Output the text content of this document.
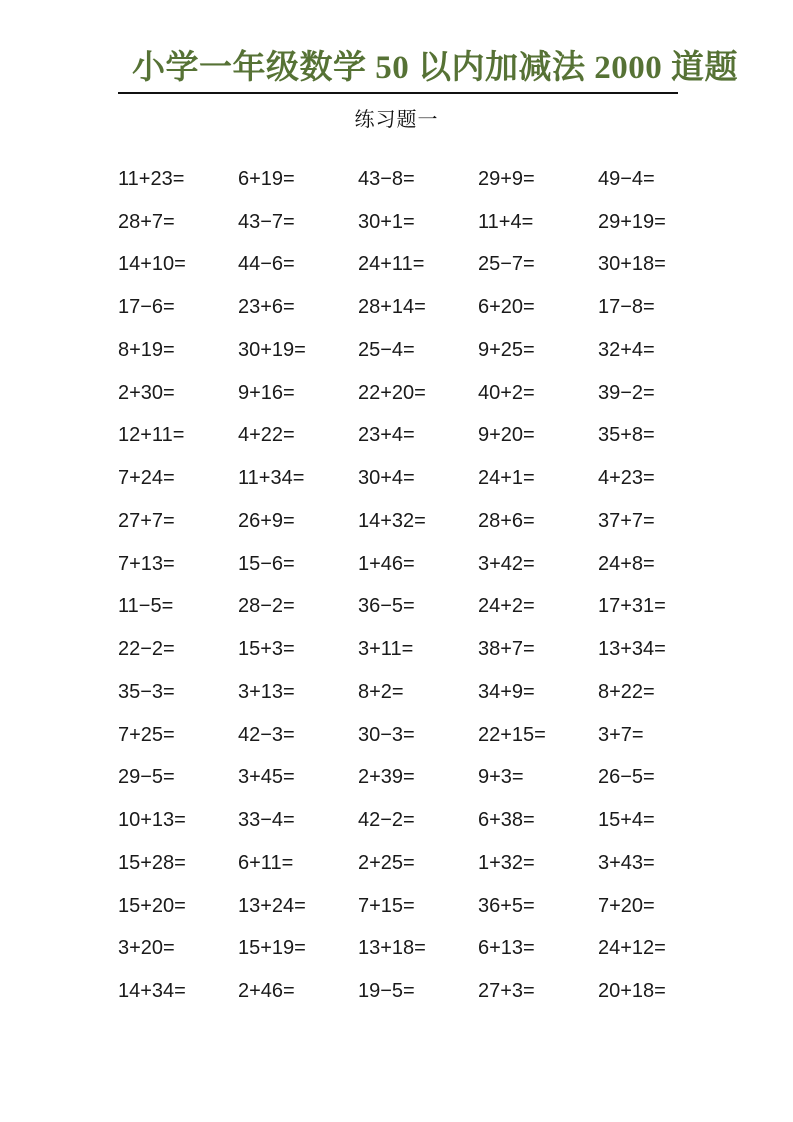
小学一年级数学 50 以内加减法 2000 道题
练习题一
11+23=	6+19=	43−8=	29+9=	49−4=
28+7=	43−7=	30+1=	11+4=	29+19=
14+10=	44−6=	24+11=	25−7=	30+18=
17−6=	23+6=	28+14=	6+20=	17−8=
8+19=	30+19=	25−4=	9+25=	32+4=
2+30=	9+16=	22+20=	40+2=	39−2=
12+11=	4+22=	23+4=	9+20=	35+8=
7+24=	11+34=	30+4=	24+1=	4+23=
27+7=	26+9=	14+32=	28+6=	37+7=
7+13=	15−6=	1+46=	3+42=	24+8=
11−5=	28−2=	36−5=	24+2=	17+31=
22−2=	15+3=	3+11=	38+7=	13+34=
35−3=	3+13=	8+2=	34+9=	8+22=
7+25=	42−3=	30−3=	22+15=	3+7=
29−5=	3+45=	2+39=	9+3=	26−5=
10+13=	33−4=	42−2=	6+38=	15+4=
15+28=	6+11=	2+25=	1+32=	3+43=
15+20=	13+24=	7+15=	36+5=	7+20=
3+20=	15+19=	13+18=	6+13=	24+12=
14+34=	2+46=	19−5=	27+3=	20+18=
